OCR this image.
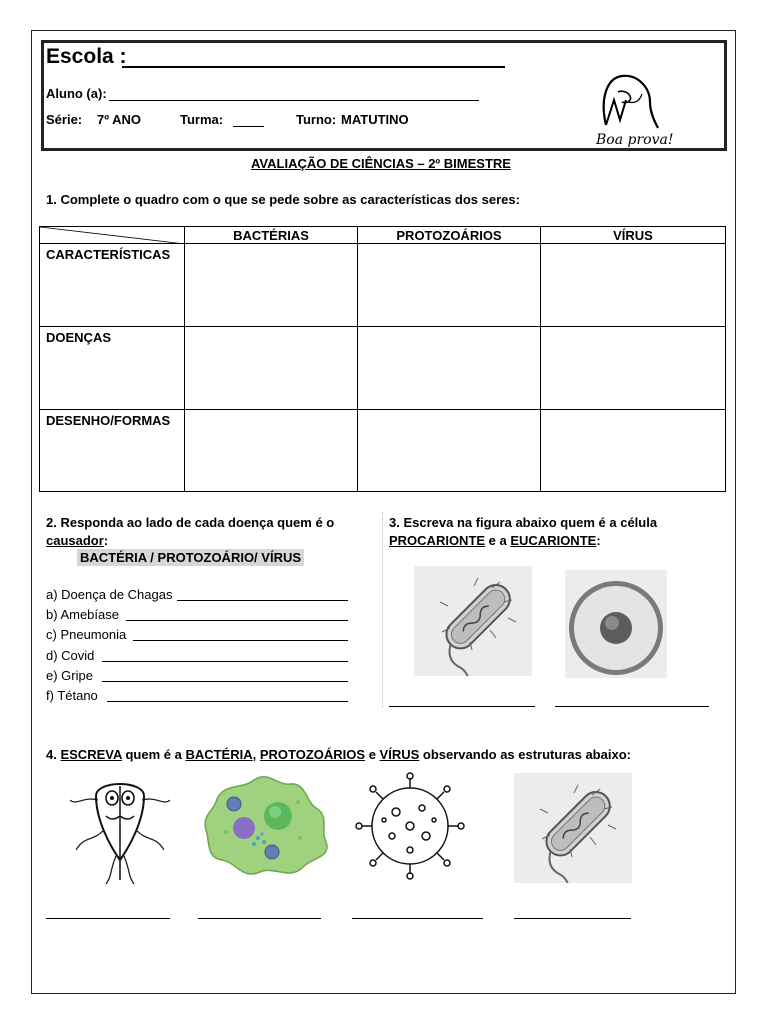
Escola :
Aluno (a):
Série: 7º ANO	Turma:	Turno: MATUTINO
Boa prova!
AVALIAÇÃO DE CIÊNCIAS – 2º BIMESTRE
1. Complete o quadro com o que se pede sobre as características dos seres:
	BACTÉRIAS	PROTOZOÁRIOS	VÍRUS
CARACTERÍSTICAS			
DOENÇAS			
DESENHO/FORMAS			
2. Responda ao lado de cada doença quem é o
causador:
BACTÉRIA / PROTOZOÁRIO/ VÍRUS
a) Doença de Chagas
b) Amebíase
c) Pneumonia
d) Covid
e) Gripe
f) Tétano
3. Escreva na figura abaixo quem é a célula
PROCARIONTE e a EUCARIONTE:
4. ESCREVA quem é a BACTÉRIA, PROTOZOÁRIOS e VÍRUS observando as estruturas abaixo:
